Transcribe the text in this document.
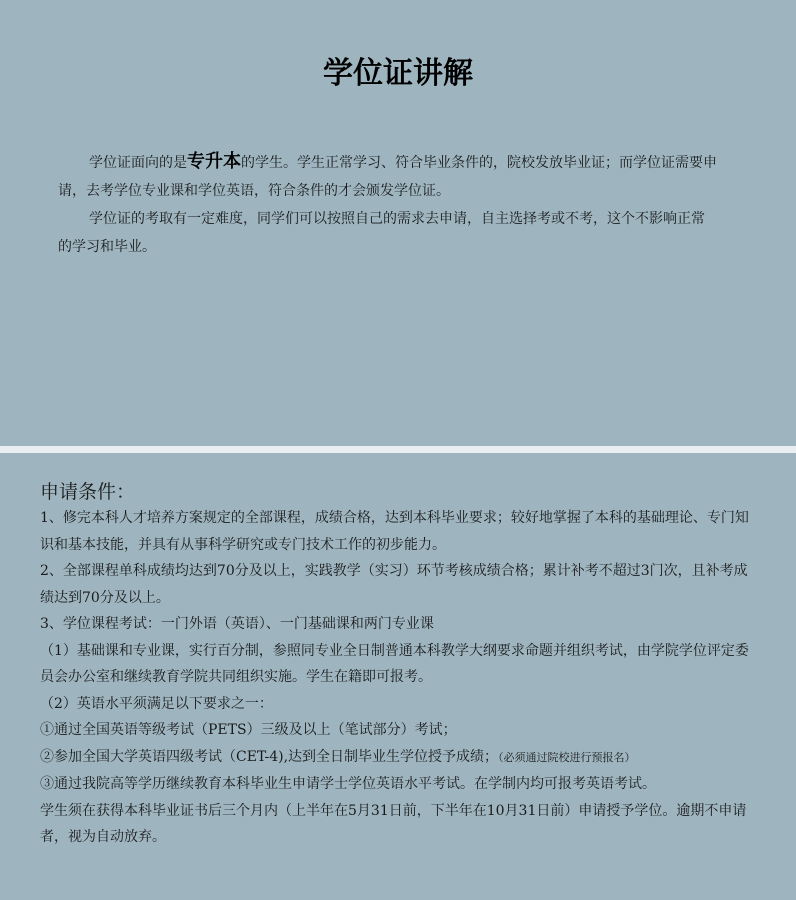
学位证讲解

学位证面向的是专升本的学生。学生正常学习、符合毕业条件的，院校发放毕业证；而学位证需要申请，去考学位专业课和学位英语，符合条件的才会颁发学位证。

学位证的考取有一定难度，同学们可以按照自己的需求去申请，自主选择考或不考，这个不影响正常的学习和毕业。

申请条件：

1、修完本科人才培养方案规定的全部课程，成绩合格，达到本科毕业要求；较好地掌握了本科的基础理论、专门知识和基本技能，并具有从事科学研究或专门技术工作的初步能力。

2、全部课程单科成绩均达到70分及以上，实践教学（实习）环节考核成绩合格；累计补考不超过3门次，且补考成绩达到70分及以上。

3、学位课程考试：一门外语（英语）、一门基础课和两门专业课

（1）基础课和专业课，实行百分制，参照同专业全日制普通本科教学大纲要求命题并组织考试，由学院学位评定委员会办公室和继续教育学院共同组织实施。学生在籍即可报考。

（2）英语水平须满足以下要求之一：

①通过全国英语等级考试（PETS）三级及以上（笔试部分）考试；

②参加全国大学英语四级考试（CET-4),达到全日制毕业生学位授予成绩；（必须通过院校进行预报名）

③通过我院高等学历继续教育本科毕业生申请学士学位英语水平考试。在学制内均可报考英语考试。

学生须在获得本科毕业证书后三个月内（上半年在5月31日前，下半年在10月31日前）申请授予学位。逾期不申请者，视为自动放弃。
